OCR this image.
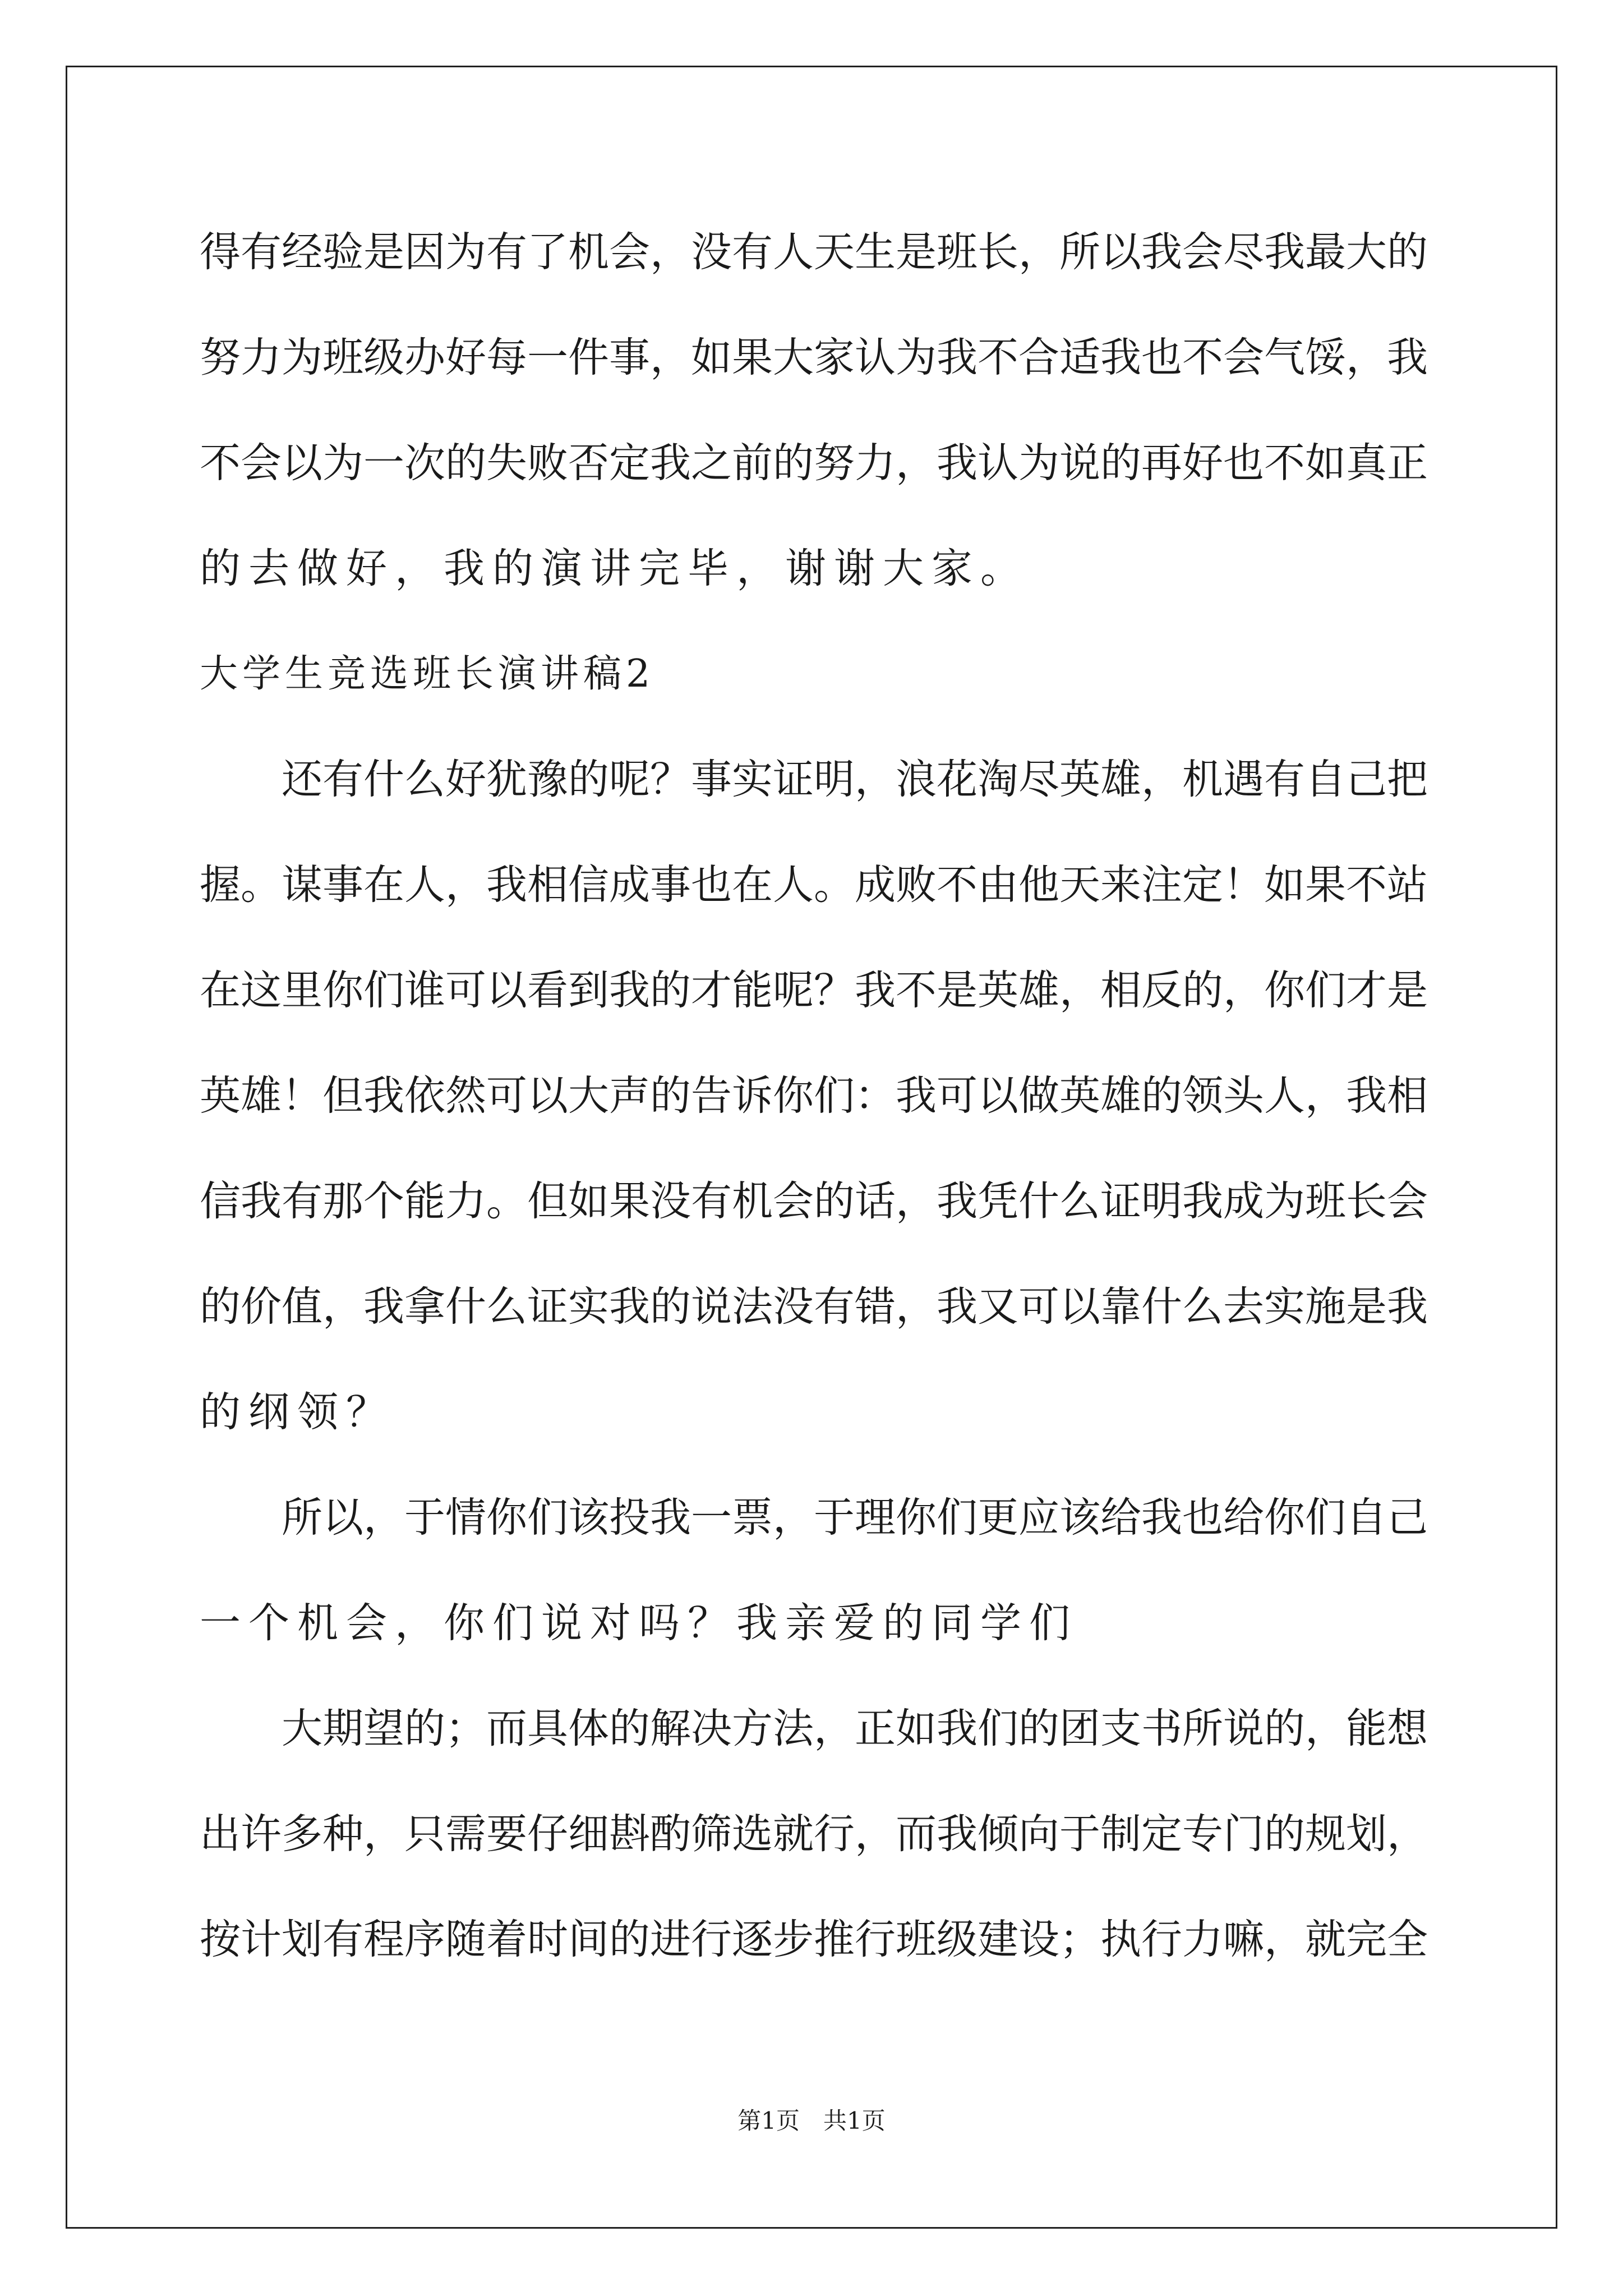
得有经验是因为有了机会，没有人天生是班长，所以我会尽我最大的
努力为班级办好每一件事，如果大家认为我不合适我也不会气馁，我
不会以为一次的失败否定我之前的努力，我认为说的再好也不如真正
的去做好，我的演讲完毕，谢谢大家。
大学生竞选班长演讲稿2
　　还有什么好犹豫的呢？事实证明，浪花淘尽英雄，机遇有自己把
握。谋事在人，我相信成事也在人。成败不由他天来注定！如果不站
在这里你们谁可以看到我的才能呢？我不是英雄，相反的，你们才是
英雄！但我依然可以大声的告诉你们：我可以做英雄的领头人，我相
信我有那个能力。但如果没有机会的话，我凭什么证明我成为班长会
的价值，我拿什么证实我的说法没有错，我又可以靠什么去实施是我
的纲领？
　　所以，于情你们该投我一票，于理你们更应该给我也给你们自己
一个机会，你们说对吗？我亲爱的同学们
　　大期望的；而具体的解决方法，正如我们的团支书所说的，能想
出许多种，只需要仔细斟酌筛选就行，而我倾向于制定专门的规划，
按计划有程序随着时间的进行逐步推行班级建设；执行力嘛，就完全
第1页　共1页
